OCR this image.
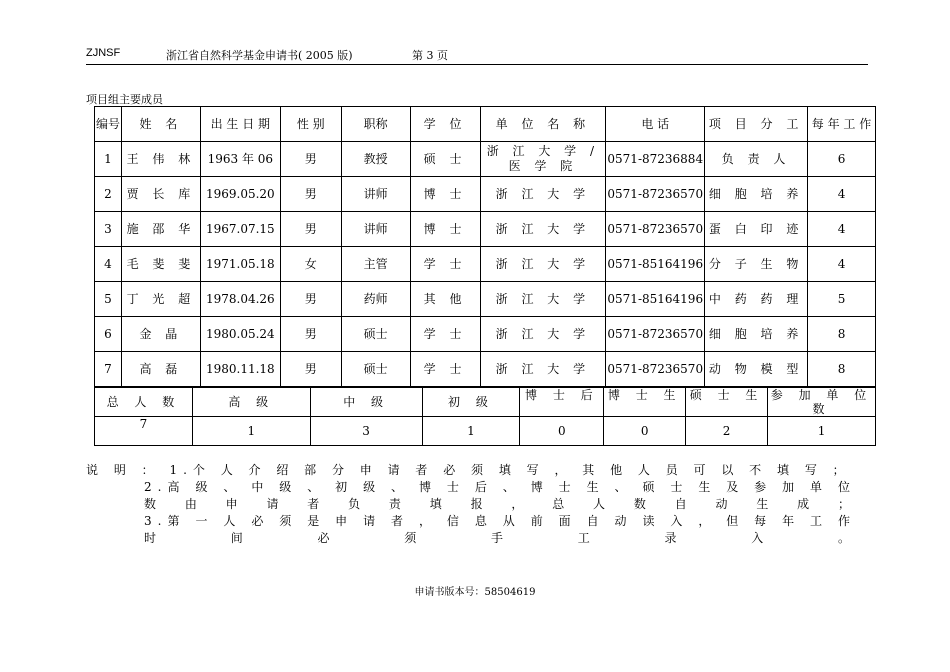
ZJNSF	浙江省自然科学基金申请书( 2005 版)	第 3 页
项目组主要成员
编号	姓 名	出 生 日 期	性 别	职称	学 位	单 位 名 称	电 话	项 目 分 工	每 年 工 作
1	王 伟 林	1963 年 06	男	教授	硕 士	浙 江 大 学 / 医 学 院	0571-87236884	负 责 人	6
2	贾 长 库	1969.05.20	男	讲师	博 士	浙 江 大 学	0571-87236570	细 胞 培 养	4
3	施 邵 华	1967.07.15	男	讲师	博 士	浙 江 大 学	0571-87236570	蛋 白 印 迹	4
4	毛 斐 斐	1971.05.18	女	主管	学 士	浙 江 大 学	0571-85164196	分 子 生 物	4
5	丁 光 超	1978.04.26	男	药师	其 他	浙 江 大 学	0571-85164196	中 药 药 理	5
6	金 晶	1980.05.24	男	硕士	学 士	浙 江 大 学	0571-87236570	细 胞 培 养	8
7	高 磊	1980.11.18	男	硕士	学 士	浙 江 大 学	0571-87236570	动 物 模 型	8
总 人 数	高 级	中 级	初 级	博 士 后	博 士 生	硕 士 生	参 加 单 位 数

7	1	3	1	0	0	2	1

说 明 ： 1.个 人 介 绍 部 分 申 请 者 必 须 填 写 ， 其 他 人 员 可 以 不 填 写 ；

2.高 级 、 中 级 、 初 级 、 博 士 后 、 博 士 生 、 硕 士 生 及 参 加 单 位 数 由 申 请 者 负 责 填 报 ， 总 人 数 自 动 生 成 ；

3.第 一 人 必 须 是 申 请 者 ， 信 息 从 前 面 自 动 读 入 ， 但 每 年 工 作 时 间 必 须 手 工 录 入 。

申请书版本号：58504619
